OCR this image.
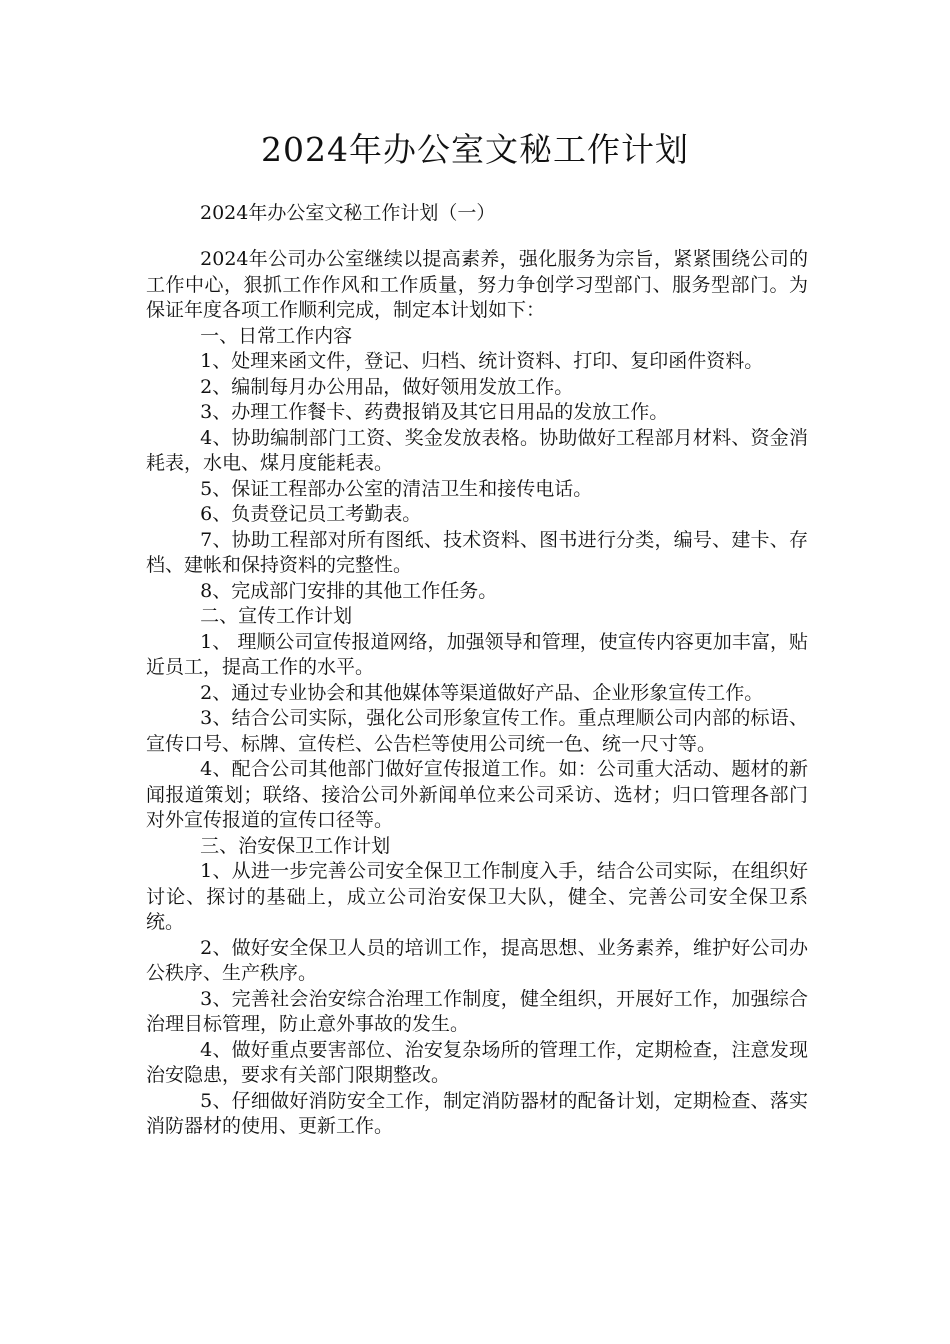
2024年办公室文秘工作计划
2024年办公室文秘工作计划（一）

2024年公司办公室继续以提高素养，强化服务为宗旨，紧紧围绕公司的工作中心，狠抓工作作风和工作质量，努力争创学习型部门、服务型部门。为保证年度各项工作顺利完成，制定本计划如下：

一、日常工作内容

1、处理来函文件，登记、归档、统计资料、打印、复印函件资料。

2、编制每月办公用品，做好领用发放工作。

3、办理工作餐卡、药费报销及其它日用品的发放工作。

4、协助编制部门工资、奖金发放表格。协助做好工程部月材料、资金消耗表，水电、煤月度能耗表。

5、保证工程部办公室的清洁卫生和接传电话。

6、负责登记员工考勤表。

7、协助工程部对所有图纸、技术资料、图书进行分类，编号、建卡、存档、建帐和保持资料的完整性。

8、完成部门安排的其他工作任务。

二、宣传工作计划

1、 理顺公司宣传报道网络，加强领导和管理，使宣传内容更加丰富，贴近员工，提高工作的水平。

2、通过专业协会和其他媒体等渠道做好产品、企业形象宣传工作。

3、结合公司实际，强化公司形象宣传工作。重点理顺公司内部的标语、宣传口号、标牌、宣传栏、公告栏等使用公司统一色、统一尺寸等。

4、配合公司其他部门做好宣传报道工作。如：公司重大活动、题材的新闻报道策划；联络、接洽公司外新闻单位来公司采访、选材；归口管理各部门对外宣传报道的宣传口径等。

三、治安保卫工作计划

1、从进一步完善公司安全保卫工作制度入手，结合公司实际，在组织好讨论、探讨的基础上，成立公司治安保卫大队，健全、完善公司安全保卫系统。

2、做好安全保卫人员的培训工作，提高思想、业务素养，维护好公司办公秩序、生产秩序。

3、完善社会治安综合治理工作制度，健全组织，开展好工作，加强综合治理目标管理，防止意外事故的发生。

4、做好重点要害部位、治安复杂场所的管理工作，定期检查，注意发现治安隐患，要求有关部门限期整改。

5、仔细做好消防安全工作，制定消防器材的配备计划，定期检查、落实消防器材的使用、更新工作。
